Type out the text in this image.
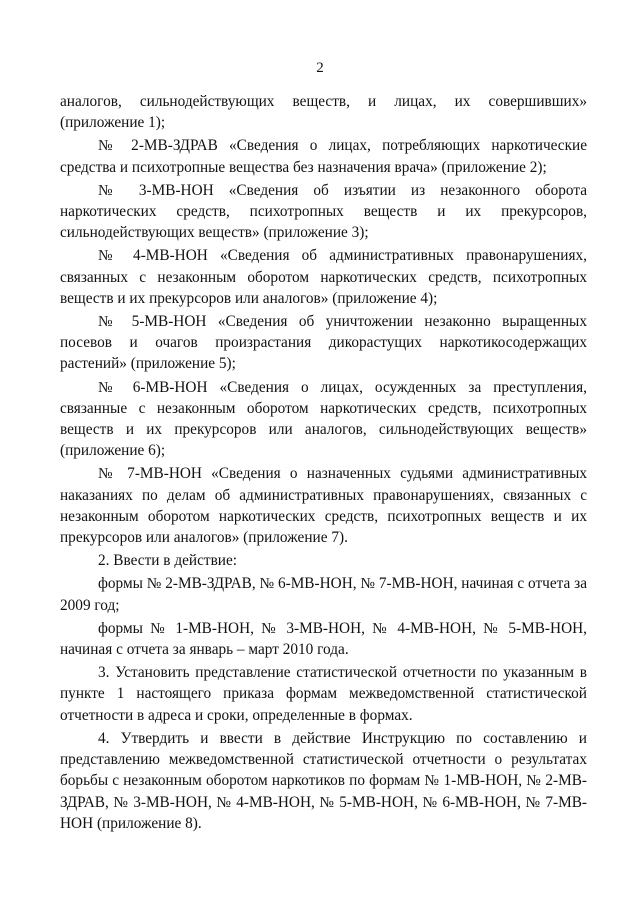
2

аналогов, сильнодействующих веществ, и лицах, их совершивших» (приложение 1);

№ 2-МВ-ЗДРАВ «Сведения о лицах, потребляющих наркотические средства и психотропные вещества без назначения врача» (приложение 2);

№ 3-МВ-НОН «Сведения об изъятии из незаконного оборота наркотических средств, психотропных веществ и их прекурсоров, сильнодействующих веществ» (приложение 3);

№ 4-МВ-НОН «Сведения об административных правонарушениях, связанных с незаконным оборотом наркотических средств, психотропных веществ и их прекурсоров или аналогов» (приложение 4);

№ 5-МВ-НОН «Сведения об уничтожении незаконно выращенных посевов и очагов произрастания дикорастущих наркотикосодержащих растений» (приложение 5);

№ 6-МВ-НОН «Сведения о лицах, осужденных за преступления, связанные с незаконным оборотом наркотических средств, психотропных веществ и их прекурсоров или аналогов, сильнодействующих веществ» (приложение 6);

№ 7-МВ-НОН «Сведения о назначенных судьями административных наказаниях по делам об административных правонарушениях, связанных с незаконным оборотом наркотических средств, психотропных веществ и их прекурсоров или аналогов» (приложение 7).

2. Ввести в действие:

формы № 2-МВ-ЗДРАВ, № 6-МВ-НОН, № 7-МВ-НОН, начиная с отчета за 2009 год;

формы № 1-МВ-НОН, № 3-МВ-НОН, № 4-МВ-НОН, № 5-МВ-НОН, начиная с отчета за январь – март 2010 года.

3. Установить представление статистической отчетности по указанным в пункте 1 настоящего приказа формам межведомственной статистической отчетности в адреса и сроки, определенные в формах.

4. Утвердить и ввести в действие Инструкцию по составлению и представлению межведомственной статистической отчетности о результатах борьбы с незаконным оборотом наркотиков по формам № 1-МВ-НОН, № 2-МВ-ЗДРАВ, № 3-МВ-НОН, № 4-МВ-НОН, № 5-МВ-НОН, № 6-МВ-НОН, № 7-МВ-НОН (приложение 8).
